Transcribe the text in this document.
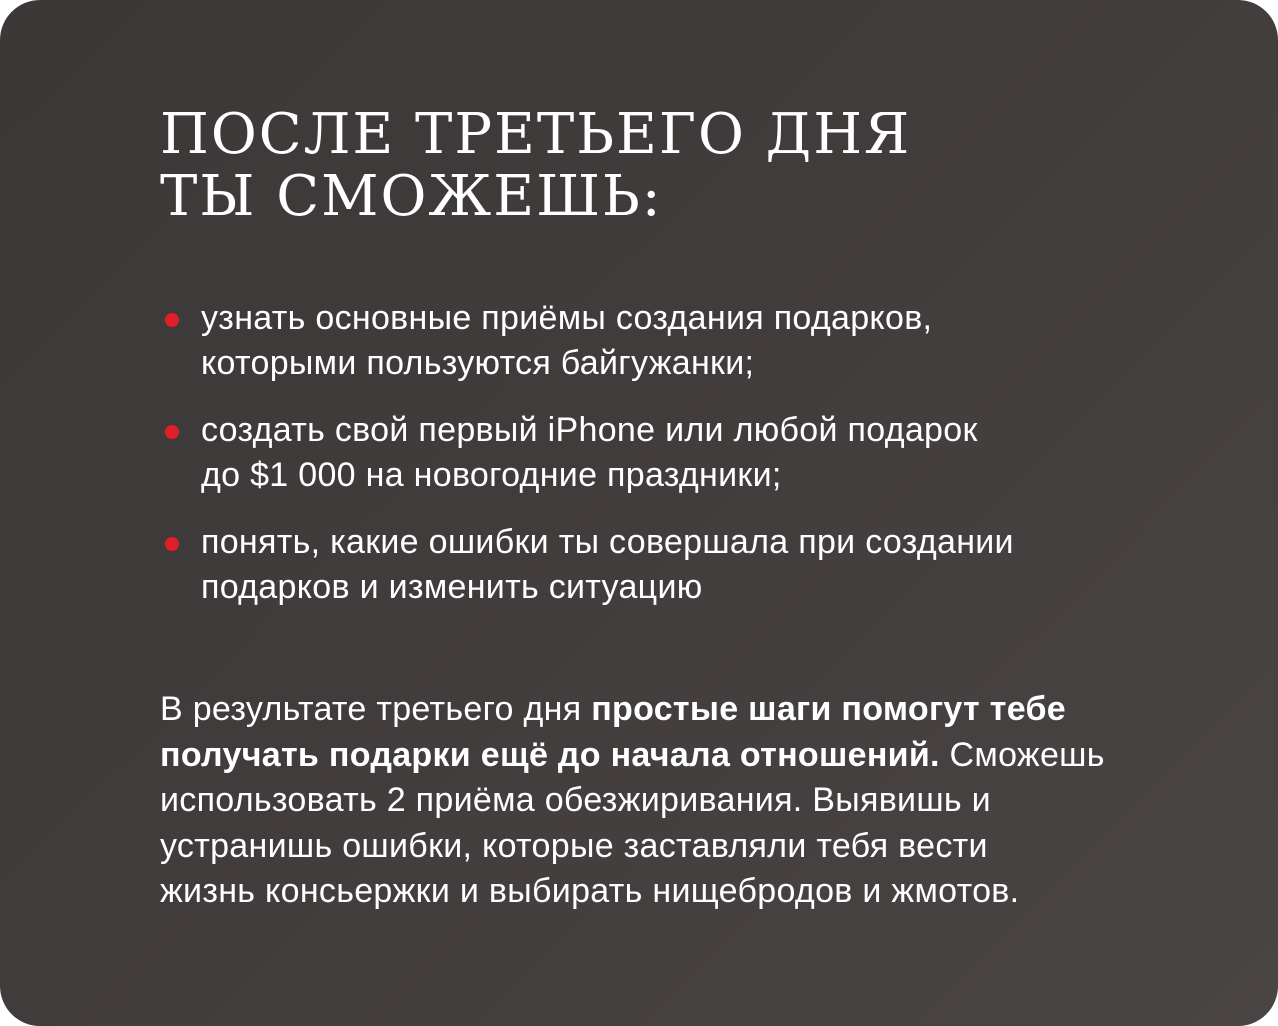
ПОСЛЕ ТРЕТЬЕГО ДНЯ
ТЫ СМОЖЕШЬ:
узнать основные приёмы создания подарков,
которыми пользуются байгужанки;
создать свой первый iPhone или любой подарок
до $1 000 на новогодние праздники;
понять, какие ошибки ты совершала при создании
подарков и изменить ситуацию

В результате третьего дня простые шаги помогут тебе
получать подарки ещё до начала отношений. Сможешь
использовать 2 приёма обезжиривания. Выявишь и
устранишь ошибки, которые заставляли тебя вести
жизнь консьержки и выбирать нищебродов и жмотов.
